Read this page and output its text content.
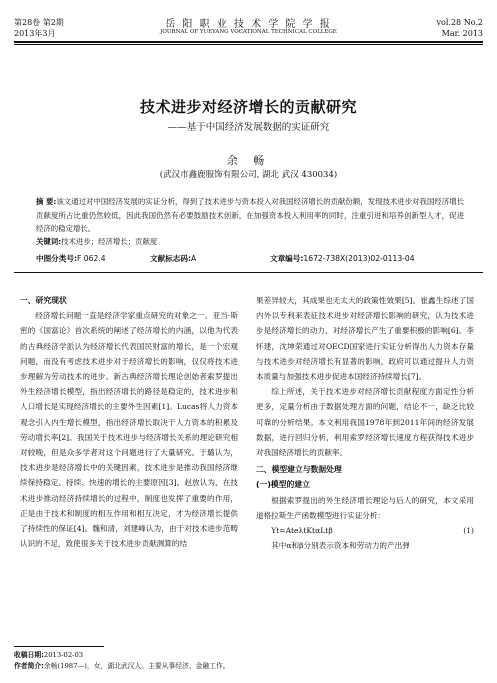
第28卷 第2期
2013年3月
岳 阳 职 业 技 术 学 院 学 报
JOURNAL OF YUEYANG VOCATIONAL TECHNICAL COLLEGE
vol.28 No.2
Mar. 2013
技术进步对经济增长的贡献研究
——基于中国经济发展数据的实证研究
余 畅
(武汉市鑫鹿服饰有限公司, 湖北 武汉 430034)
摘 要:该文通过对中国经济发展的实证分析，得到了技术进步与资本投入对我国经济增长的贡献份额，发现技术进步对我国经济增长贡献度所占比重仍然较低，因此我国仍然有必要鼓励技术创新，在加强资本投入利用率的同时，注重引进和培养创新型人才，促进经济的稳定增长。
关键词:技术进步；经济增长；贡献度
中图分类号:F 062.4	文献标志码:A	文章编号:1672-738X(2013)02-0113-04
一、研究现状

经济增长问题一直是经济学家重点研究的对象之一。亚当·斯密的《国富论》首次系统的阐述了经济增长的内涵，以他为代表的古典经济学派认为经济增长代表国民财富的增长，是一个宏观问题，而没有考虑技术进步对于经济增长的影响，仅仅将技术进步理解为劳动技术的进步。新古典经济增长理论创始者索罗提出外生经济增长模型，指出经济增长的路径是稳定的，技术进步和人口增长是实现经济增长的主要外生因素[1]。Lucas将人力资本观念引入内生增长模型，指出经济增长取决于人力资本的积累及劳动增长率[2]。我国关于技术进步与经济增长关系的理论研究相对较晚，但是众多学者对这个问题进行了大量研究。于璐认为，技术进步是经济增长中的关键因素，技术进步是推动我国经济继续保持稳定、持续、快速的增长的主要原因[3]。赵放认为，在技术进步推动经济持续增长的过程中，制度也发挥了重要的作用，正是由于技术和制度的相互作用和相互决定，才为经济增长提供了持续性的保证[4]。魏和清，刘建峰认为，由于对技术进步范畴认识的不足，致使很多关于技术进步贡献测算的结

果差异较大，其成果也无太大的政策性效果[5]。崔鑫生综述了国内外以专利来表征技术进步对经济增长影响的研究，认为技术进步是经济增长的动力，对经济增长产生了重要积极的影响[6]。李怀建，沈坤荣通过对OECD国家进行实证分析得出人力资本存量与技术进步对经济增长有显著的影响，政府可以通过提升人力资本质量与加强技术进步促进本国经济持续增长[7]。

综上所述，关于技术进步对经济增长贡献程度方面定性分析更多，定量分析由于数据处理方面的问题，结论不一，缺乏比较可靠的分析结果。本文利用我国1978年到2011年间的经济发展数据，进行回归分析，利用索罗经济增长速度方程获得技术进步对我国经济增长的贡献率。

二、模型建立与数据处理
(一)模型的建立

根据索罗提出的外生经济增长理论与后人的研究，本文采用道格拉斯生产函数模型进行实证分析：

Yt=AteλtKtαLtβ	(1)

其中α和β分别表示资本和劳动力的产出弹

收稿日期:2013-02-03
作者简介:余畅(1987—)，女，湖北武汉人。主要从事经济、金融工作。
